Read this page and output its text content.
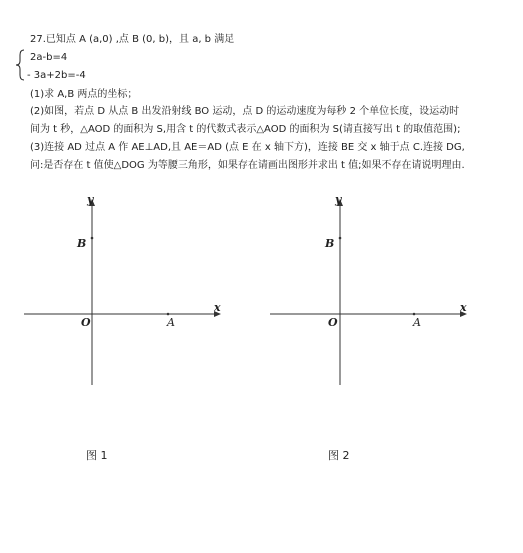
27.已知点 A (a,0) ,点 B (0, b)，且 a, b 满足
2a-b=4
- 3a+2b=-4
(1)求 A,B 两点的坐标；
(2)如图，若点 D 从点 B 出发沿射线 BO 运动，点 D 的运动速度为每秒 2 个单位长度，设运动时
间为 t 秒，△AOD 的面积为 S,用含 t 的代数式表示△AOD 的面积为 S(请直接写出 t 的取值范围);
(3)连接 AD 过点 A 作 AE⊥AD,且 AE＝AD (点 E 在 x 轴下方)，连接 BE 交 x 轴于点 C.连接 DG,
问:是否存在 t 值使△DOG 为等腰三角形，如果存在请画出图形并求出 t 值;如果不存在请说明理由.
x
y
O	A
B
图 1
x
y
O	A
B
图 2
